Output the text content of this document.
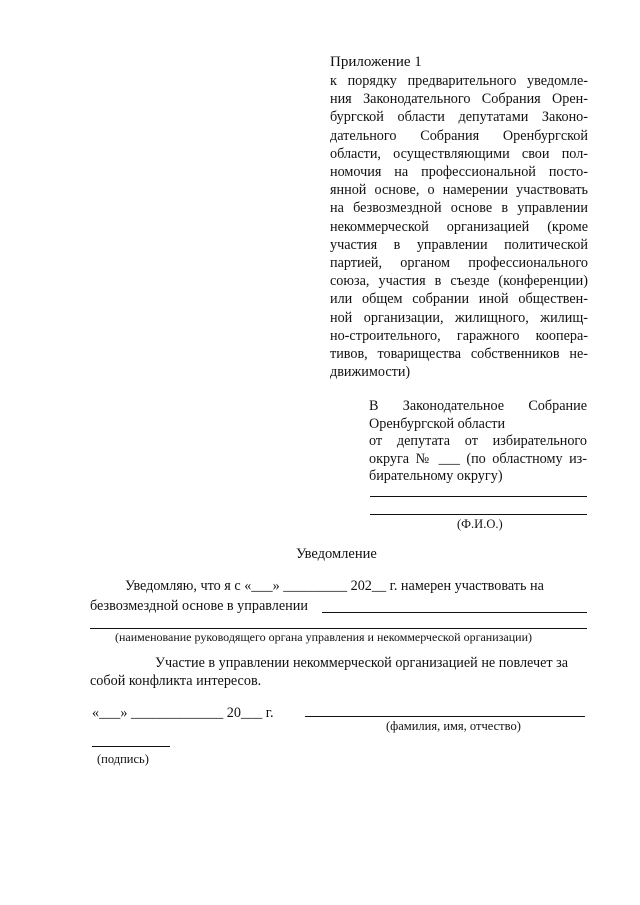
Приложение 1
к порядку предварительного уведомле-
ния Законодательного Собрания Орен-
бургской области депутатами Законо-
дательного Собрания Оренбургской
области, осуществляющими свои пол-
номочия на профессиональной посто-
янной основе, о намерении участвовать
на безвозмездной основе в управлении
некоммерческой организацией (кроме
участия в управлении политической
партией, органом профессионального
союза, участия в съезде (конференции)
или общем собрании иной обществен-
ной организации, жилищного, жилищ-
но-строительного, гаражного коопера-
тивов, товарищества собственников не-
движимости)
В Законодательное Собрание
Оренбургской области
от депутата от избирательного
округа № ___ (по областному из-
бирательному округу)
(Ф.И.О.)
Уведомление
Уведомляю, что я с «___» _________ 202__ г. намерен участвовать на
безвозмездной основе в управлении
(наименование руководящего органа управления и некоммерческой организации)
Участие в управлении некоммерческой организацией не повлечет за
собой конфликта интересов.
«___» _____________ 20___ г.
(фамилия, имя, отчество)
(подпись)
